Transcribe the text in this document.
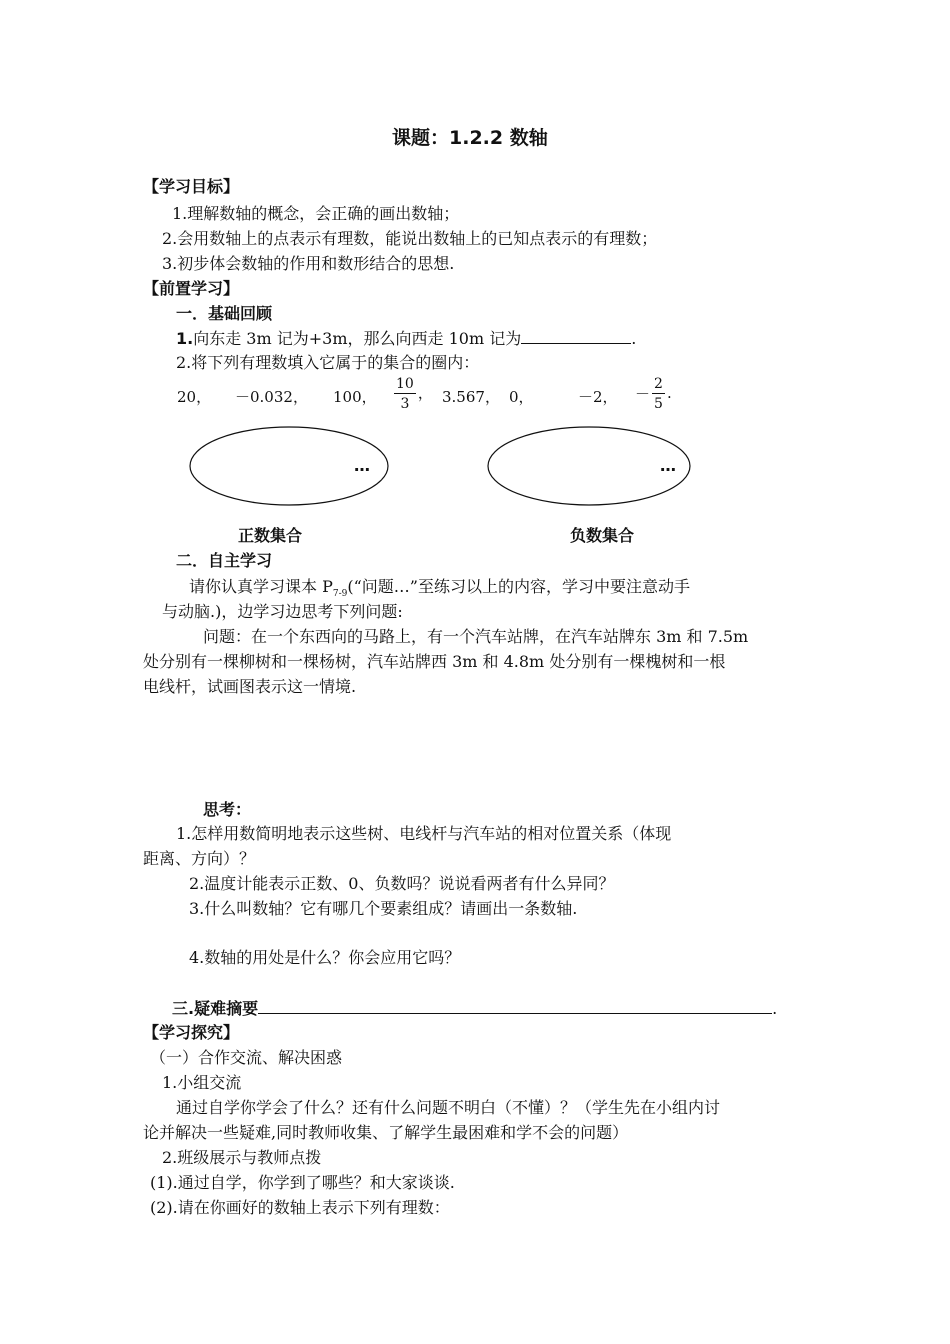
课题：1.2.2 数轴
【学习目标】
1.理解数轴的概念，会正确的画出数轴；
2.会用数轴上的点表示有理数，能说出数轴上的已知点表示的有理数；
3.初步体会数轴的作用和数形结合的思想.
【前置学习】
一．基础回顾
1.向东走 3m 记为+3m，那么向西走 10m 记为	.
2.将下列有理数填入它属于的集合的圈内：
20， －0.032， 100， $\frac{10}{3}$ ， 3.567， 0，	－2， － $\frac{2}{5}$ .
…	…
正数集合	负数集合
二．自主学习
请你认真学习课本 $P_{7-9}(“$问题…”至练习以上的内容，学习中要注意动手
与动脑.)，边学习边思考下列问题:
问题：在一个东西向的马路上，有一个汽车站牌，在汽车站牌东 3m 和 7.5m
处分别有一棵柳树和一棵杨树，汽车站牌西 3m 和 4.8m 处分别有一棵槐树和一根
电线杆，试画图表示这一情境.
思考：
1.怎样用数简明地表示这些树、电线杆与汽车站的相对位置关系（体现
距离、方向）？
2.温度计能表示正数、0、负数吗？说说看两者有什么异同？
3.什么叫数轴？它有哪几个要素组成？请画出一条数轴.
4.数轴的用处是什么？你会应用它吗？
三.疑难摘要	.
【学习探究】
（一）合作交流、解决困惑
1.小组交流
通过自学你学会了什么？还有什么问题不明白（不懂）？（学生先在小组内讨
论并解决一些疑难,同时教师收集、了解学生最困难和学不会的问题）
2.班级展示与教师点拨
(1).通过自学，你学到了哪些？和大家谈谈.
(2).请在你画好的数轴上表示下列有理数：
